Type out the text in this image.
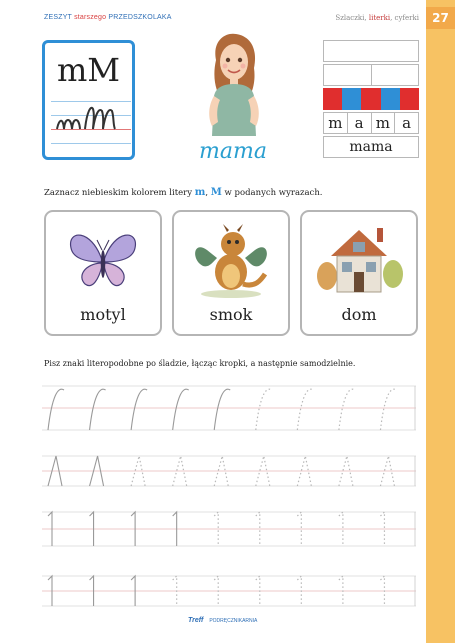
27
ZESZYT starszego PRZEDSZKOLAKA	Szlaczki, literki, cyferki
mM
mama
m a m a
mama
Zaznacz niebieskim kolorem litery m, M w podanych wyrazach.
motyl	smok	dom
Pisz znaki literopodobne po śladzie, łącząc kropki, a następnie samodzielnie.
Treff PODRĘCZNIKARNIA
